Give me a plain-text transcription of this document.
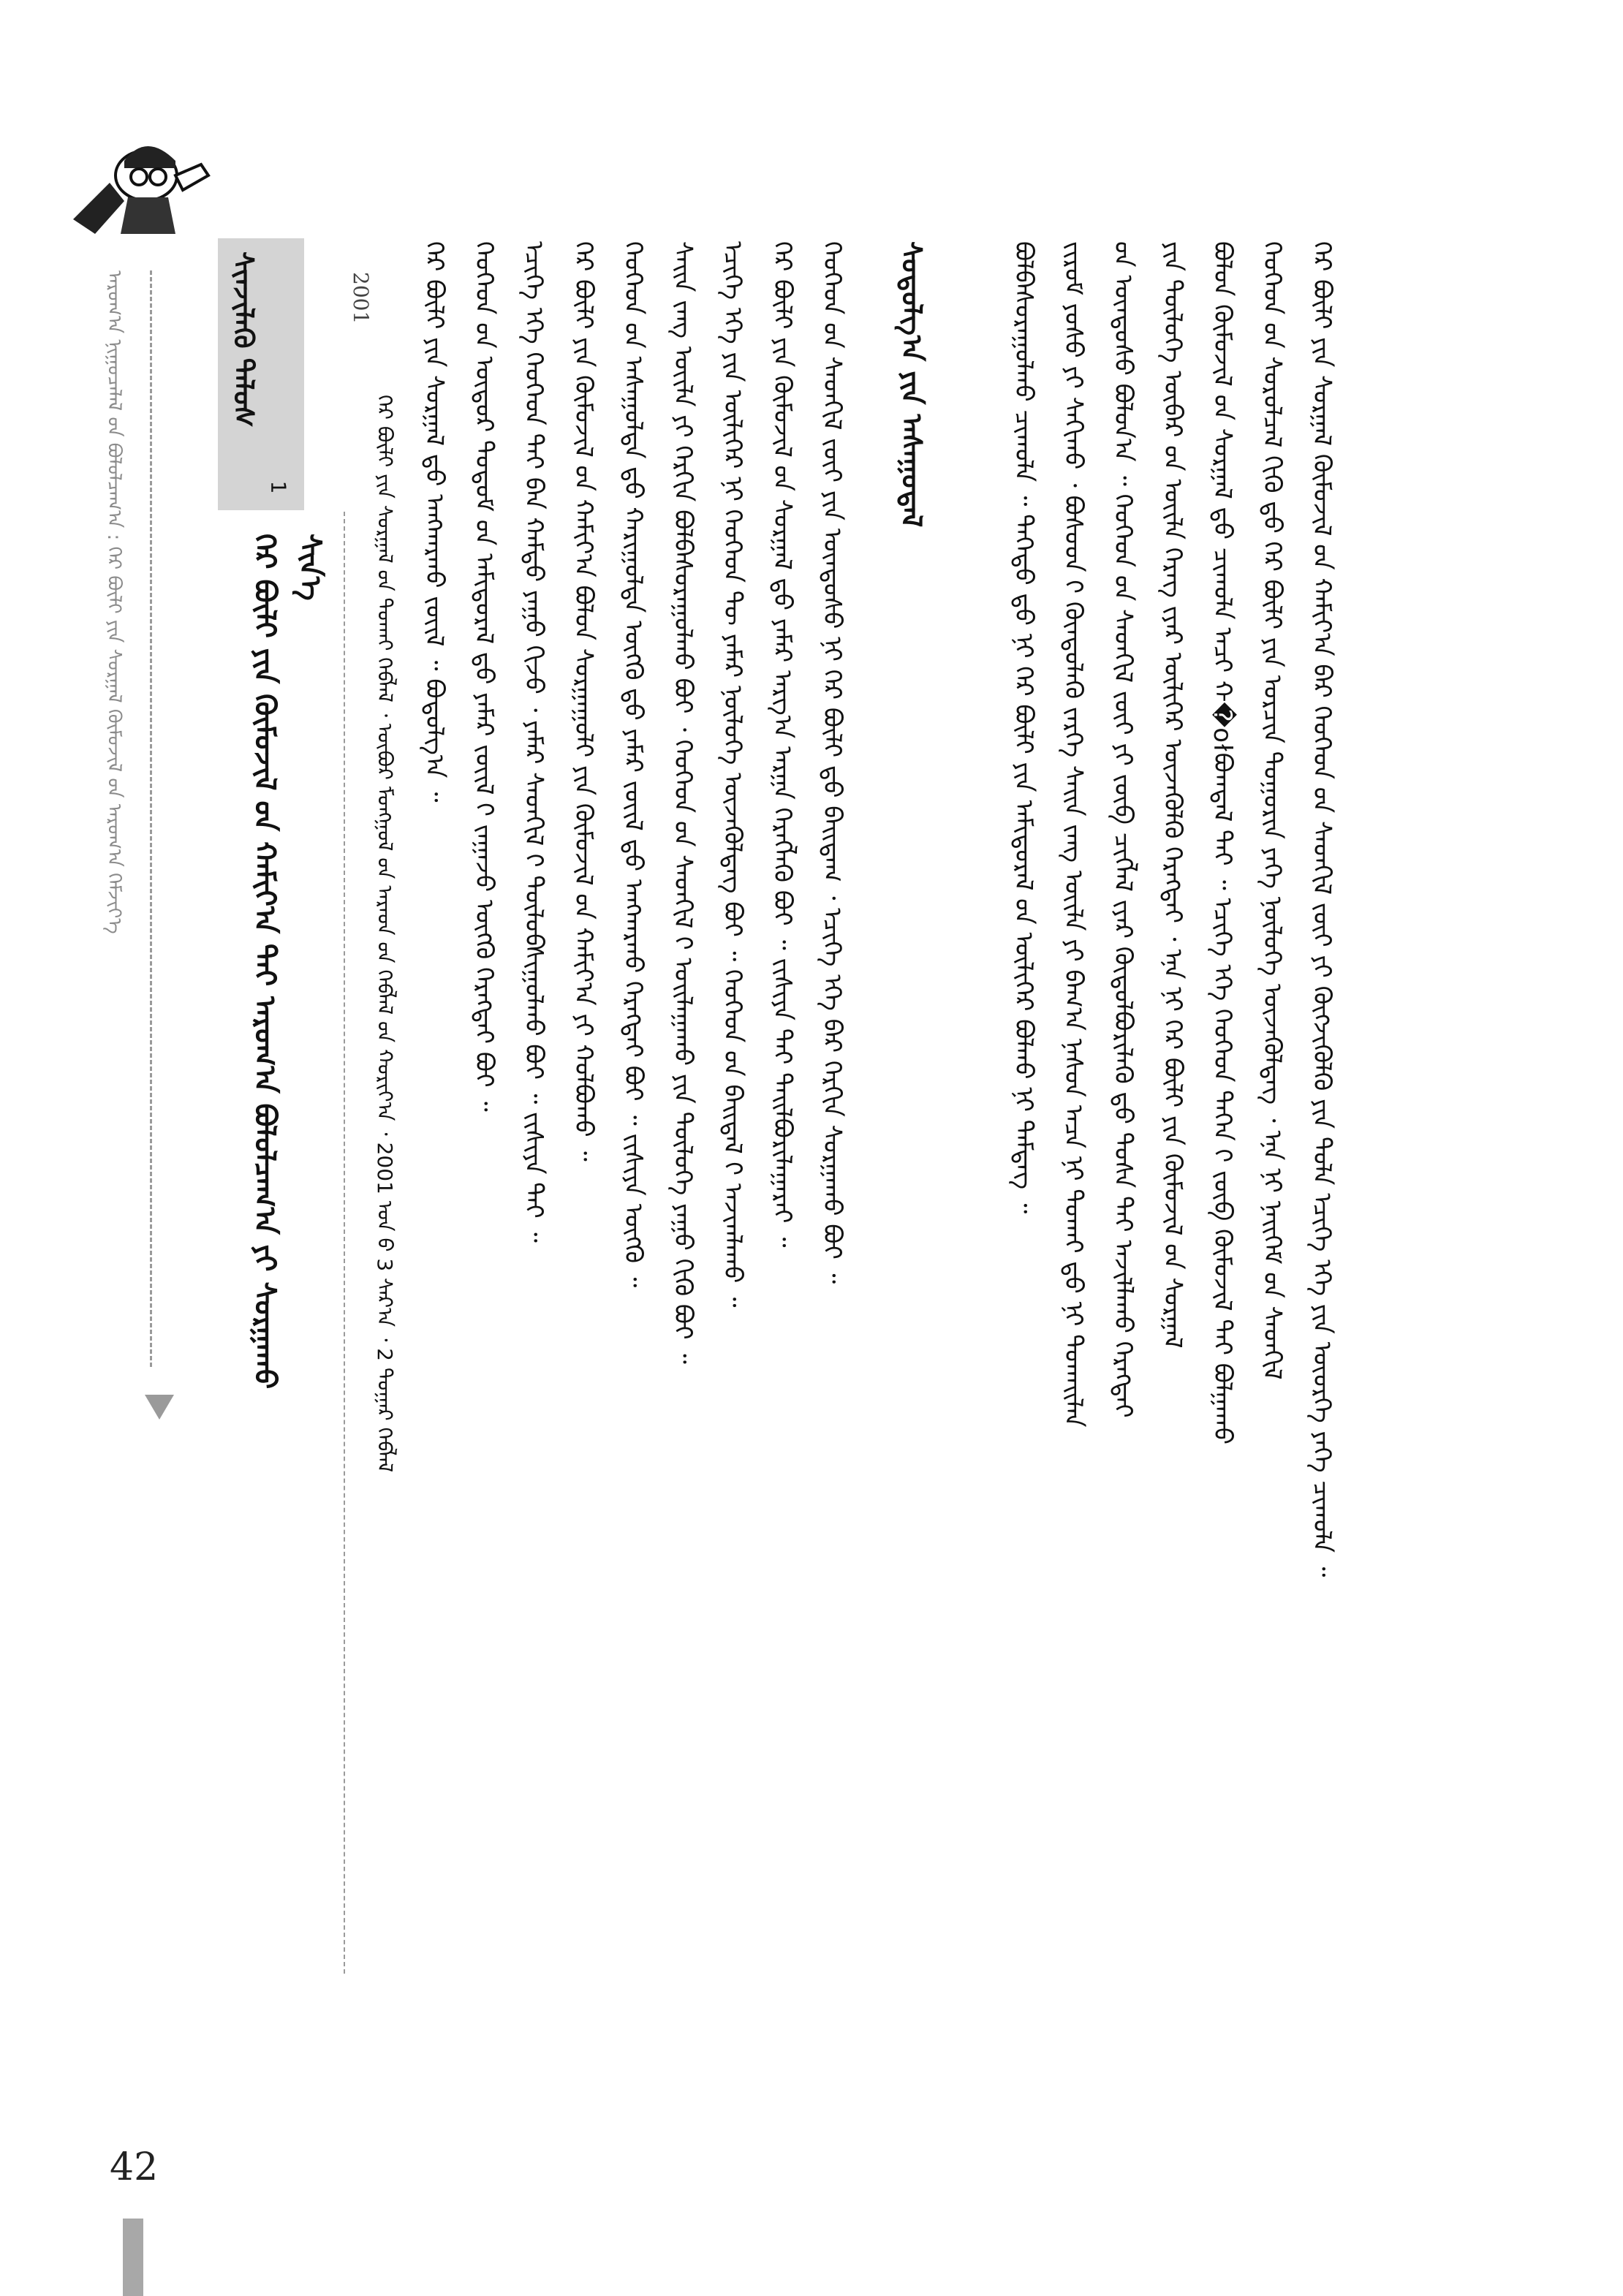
ᠠᠷᠤᠭ᠎ᠠ ᠨᠢᠭᠤᠴᠠᠯᠠᠯ ᠤ᠋ᠨ ᠪᠣᠯᠤᠯᠴᠠᠭ᠎ᠠ : ᠭᠡᠷ ᠪᠦᠯᠢ ᠶᠢᠨ ᠰᠤᠷᠭᠠᠯ ᠬᠦᠮᠦᠵᠢᠯ ᠦ᠋ᠨ ᠠᠷᠤᠭ᠎ᠠ ᠬᠡᠮᠵᠢᠶ᠎ᠡ	ᠰᠢᠨᠵᠢᠯᠡᠬᠦ ᠲᠡᠯᠦᠰ
1
ᠭᠡᠷ ᠪᠦᠯᠢ ᠶᠢᠨ ᠬᠦᠮᠦᠵᠢᠯ ᠦ᠋ᠨ ᠬᠠᠮᠢᠶ᠎ᠠ ᠲᠠᠢ ᠠᠷᠤᠭ᠎ᠠ ᠪᠣᠯᠤᠯᠴᠠᠭ᠎ᠠ ᠶᠢ ᠰᠤᠷᠭᠠᠬᠤ ᠰᠢᠨ᠎ᠡ
2001
ᠭᠡᠷ ᠪᠦᠯᠢ ᠶᠢᠨ ᠰᠤᠷᠭᠠᠯ ᠤ᠋ᠨ ᠲᠤᠬᠠᠢ ᠬᠡᠪᠯᠡᠯ ᠂ ᠥᠪᠥᠷ ᠮᠣᠩᠭᠣᠯ ᠤ᠋ᠨ ᠠᠷᠠᠳ ᠤ᠋ᠨ ᠬᠡᠪᠯᠡᠯ ᠦ᠋ᠨ ᠬᠣᠷᠢᠶ᠎ᠠ ᠂ 2001 ᠣᠨ ᠤ᠋ 3 ᠰᠠᠷ᠎ᠠ ᠂ 2 ᠳᠤᠭᠠᠷ ᠬᠡᠪᠯᠡᠯ ᠭᠡᠷ ᠪᠦᠯᠢ ᠶᠢᠨ ᠰᠤᠷᠭᠠᠯ ᠳ᠋ᠤ ᠠᠩᠬᠠᠷᠬᠤ ᠵᠦᠢᠯ ᠃ ᠪᠣᠳᠤᠯᠭ᠎ᠠ ᠃ ᠬᠡᠦᠬᠡᠳ ᠦ᠋ᠨ ᠥᠳᠦᠷ ᠲᠤᠲᠤᠮ ᠤ᠋ᠨ ᠠᠮᠢᠳᠤᠷᠠᠯ ᠳ᠋ᠤ ᠶᠠᠮᠠᠷ ᠵᠦᠢᠯ ᠢ᠋ ᠵᠠᠭᠠᠵᠤ ᠥᠭᠬᠦ ᠬᠡᠷᠡᠭᠲᠡᠢ ᠪᠤᠢ ᠃ ᠡᠴᠢᠭᠡ ᠡᠬᠡ ᠬᠡᠦᠬᠡᠳ ᠲᠡᠢ ᠪᠡᠨ ᠬᠠᠮᠲᠤ ᠶᠠᠭᠤ ᠬᠢᠵᠦ ᠂ ᠶᠠᠮᠠᠷ ᠰᠡᠳᠬᠢᠯ ᠢ᠋ ᠲᠥᠯᠦᠪᠰᠢᠭᠤᠯᠬᠤ ᠪᠤᠢ ᠃ ᠵᠢᠱᠢᠶᠡ ᠲᠠᠢ ᠃ ᠭᠡᠷ ᠪᠦᠯᠢ ᠶᠢᠨ ᠬᠦᠮᠦᠵᠢᠯ ᠦ᠋ᠨ ᠬᠠᠮᠢᠶ᠎ᠠ ᠪᠣᠯᠤᠨ ᠰᠤᠷᠭᠠᠭᠤᠯᠢ ᠶᠢᠨ ᠬᠦᠮᠦᠵᠢᠯ ᠦ᠋ᠨ ᠬᠠᠮᠢᠶ᠎ᠠ ᠶᠢ ᠬᠣᠯᠪᠣᠬᠤ ᠃ ᠬᠡᠦᠬᠡᠳ ᠦ᠋ᠨ ᠠᠰᠠᠭᠤᠯᠲᠠ ᠳ᠋ᠤ ᠬᠠᠷᠢᠭᠤᠯᠲᠠ ᠥᠭᠬᠦ ᠳ᠋ᠤ ᠶᠠᠮᠠᠷ ᠵᠦᠢᠯ ᠳ᠋ᠤ ᠠᠩᠬᠠᠷᠬᠤ ᠬᠡᠷᠡᠭᠲᠡᠢ ᠪᠤᠢ ᠃ ᠵᠢᠱᠢᠶᠡ ᠥᠭᠬᠦ ᠃ ᠰᠠᠢᠨ ᠵᠠᠩ ᠦᠢᠯᠡ ᠶᠢ ᠬᠡᠷᠬᠢᠨ ᠪᠣᠯᠪᠠᠰᠤᠷᠠᠭᠤᠯᠬᠤ ᠪᠤᠢ ᠂ ᠬᠡᠦᠬᠡᠳ ᠦ᠋ᠨ ᠰᠡᠳᠬᠢᠯ ᠢ᠋ ᠣᠢᠯᠠᠭᠠᠬᠤ ᠶᠢᠨ ᠲᠥᠯᠦᠭᠡ ᠶᠠᠭᠤ ᠬᠢᠬᠦ ᠪᠤᠢ ᠃ ᠡᠴᠢᠭᠡ ᠡᠬᠡ ᠶᠢᠨ ᠦᠯᠢᠭᠡᠷ ᠨᠢ ᠬᠡᠦᠬᠡᠳ ᠲᠦ ᠶᠠᠮᠠᠷ ᠨᠥᠯᠦᠭᠡ ᠦᠵᠡᠭᠦᠯᠳᠡᠭ ᠪᠤᠢ ᠃ ᠬᠡᠦᠬᠡᠳ ᠦ᠋ᠨ ᠪᠠᠢᠳᠠᠯ ᠢ᠋ ᠠᠵᠢᠭᠯᠠᠬᠤ ᠃ ᠭᠡᠷ ᠪᠦᠯᠢ ᠶᠢᠨ ᠬᠦᠮᠦᠵᠢᠯ ᠦ᠋ᠨ ᠰᠤᠷᠭᠠᠯ ᠳ᠋ᠤ ᠶᠠᠮᠠᠷ ᠠᠷᠭ᠎ᠠ ᠠᠷᠭᠠ ᠬᠡᠷᠡᠭᠯᠡᠬᠦ ᠪᠤᠢ ᠃ ᠵᠢᠱᠢᠶᠡ ᠲᠠᠢ ᠲᠠᠢᠯᠪᠤᠷᠢᠯᠠᠭᠠᠷᠠᠢ ᠃ ᠬᠡᠦᠬᠡᠳ ᠦ᠋ᠨ ᠰᠡᠳᠬᠢᠯ ᠵᠦᠢ ᠶᠢᠨ ᠦᠨᠳᠦᠰᠦ ᠨᠢ ᠭᠡᠷ ᠪᠦᠯᠢ ᠳ᠋ᠤ ᠪᠠᠢᠳᠠᠭ ᠂ ᠡᠴᠢᠭᠡ ᠡᠬᠡ ᠪᠡᠷ ᠬᠡᠷᠬᠢᠨ ᠰᠤᠷᠭᠠᠬᠤ ᠪᠤᠢ ᠃ ᠰᠤᠳᠤᠯᠭ᠎ᠠ ᠶᠢᠨ ᠠᠰᠠᠭᠤᠳᠠᠯ	ᠪᠣᠯᠪᠠᠰᠤᠷᠠᠭᠤᠯᠬᠤ ᠴᠢᠬᠤᠯᠠ ᠃ ᠳᠡᠭᠡᠳᠦ ᠳ᠋ᠤ ᠨᠢ ᠭᠡᠷ ᠪᠦᠯᠢ ᠶᠢᠨ ᠠᠮᠢᠳᠤᠷᠠᠯ ᠤ᠋ᠨ ᠦᠯᠢᠭᠡᠷ ᠪᠣᠯᠬᠤ ᠨᠢ ᠲᠡᠮᠳᠡᠭ ᠃ ᠵᠢᠷᠤᠮ ᠶᠣᠰᠣ ᠶᠢ ᠰᠠᠬᠢᠬᠤ ᠂ ᠪᠤᠰᠤᠳ ᠢ᠋ ᠬᠦᠨᠳᠦᠯᠡᠬᠦ ᠵᠡᠷᠭᠡ ᠰᠠᠢᠨ ᠵᠠᠩ ᠦᠢᠯᠡ ᠶᠢ ᠪᠠᠭ᠎ᠠ ᠨᠠᠰᠤᠨ ᠠᠴᠠ ᠨᠢ ᠲᠤᠬᠠᠢ ᠳ᠋ᠤ ᠨᠢ ᠲᠤᠬᠠᠢᠯᠠᠨ ᠤ᠋ᠨ ᠦᠨᠳᠦᠰᠦ ᠪᠣᠯᠤᠨ᠎ᠠ ᠃ ᠬᠡᠦᠬᠡᠳ ᠦ᠋ᠨ ᠰᠡᠳᠬᠢᠯ ᠵᠦᠢ ᠶᠢ ᠵᠥᠪ ᠴᠢᠭᠯᠡᠯ ᠢ᠋ᠶᠡᠷ ᠬᠥᠲᠦᠯᠪᠦᠷᠢᠯᠡᠬᠦ ᠳ᠋ᠤ ᠲᠤᠰᠠ ᠲᠠᠢ ᠠᠵᠢᠯᠯᠠᠬᠤ ᠬᠡᠷᠡᠭᠲᠡᠢ ᠶᠢᠨ ᠲᠥᠯᠦᠭᠡ ᠥᠪᠡᠷ ᠦ᠋ᠨ ᠦᠢᠯᠡ ᠬᠡᠷᠡᠭ ᠢ᠋ᠶᠡᠷ ᠦᠯᠢᠭᠡᠷ ᠦᠵᠡᠭᠦᠯᠬᠦ ᠬᠡᠷᠡᠭᠲᠡᠢ ᠂ ᠡᠨᠡ ᠨᠢ ᠭᠡᠷ ᠪᠦᠯᠢ ᠶᠢᠨ ᠬᠦᠮᠦᠵᠢᠯ ᠦ᠋ᠨ ᠰᠤᠷᠭᠠᠯ ᠪᠣᠯᠤᠨ ᠬᠦᠮᠦᠵᠢᠯ ᠦ᠋ᠨ ᠰᠤᠷᠭᠠᠯ ᠳ᠋ᠤ ᠴᠢᠬᠤᠯᠠ ᠠᠴᠢ ᠬ�ołᠪᠣᠭᠳᠠᠯ ᠲᠠᠢ ᠃ ᠡᠴᠢᠭᠡ ᠡᠬᠡ ᠬᠡᠦᠬᠡᠳ ᠲᠡᠭᠡᠨ ᠢ᠋ ᠵᠥᠪ ᠬᠦᠮᠦᠵᠢᠯ ᠲᠡᠢ ᠪᠣᠯᠭᠠᠬᠤ ᠬᠡᠦᠬᠡᠳ ᠦ᠋ᠨ ᠰᠤᠷᠤᠯᠴᠠᠯ ᠬᠢᠬᠦ ᠳ᠋ᠤ ᠭᠡᠷ ᠪᠦᠯᠢ ᠶᠢᠨ ᠣᠷᠴᠢᠨ ᠲᠣᠭᠣᠷᠢᠨ ᠶᠡᠬᠡ ᠨᠥᠯᠦᠭᠡ ᠦᠵᠡᠭᠦᠯᠳᠡᠭ ᠂ ᠡᠨᠡ ᠨᠢ ᠨᠡᠢᠭᠡᠮ ᠦ᠋ᠨ ᠰᠡᠳᠬᠢᠯ ᠭᠡᠷ ᠪᠦᠯᠢ ᠶᠢᠨ ᠰᠤᠷᠭᠠᠯ ᠬᠦᠮᠦᠵᠢᠯ ᠦ᠋ᠨ ᠬᠠᠮᠢᠶ᠎ᠠ ᠪᠠᠷ ᠬᠡᠦᠬᠡᠳ ᠦ᠋ᠨ ᠰᠡᠳᠬᠢᠯ ᠵᠦᠢ ᠶᠢ ᠬᠥᠭᠵᠢᠭᠦᠯᠬᠦ ᠶᠢᠨ ᠲᠤᠯᠠ ᠡᠴᠢᠭᠡ ᠡᠬᠡ ᠶᠢᠨ ᠦᠦᠷᠭᠡ ᠶᠡᠬᠡ ᠴᠢᠬᠤᠯᠠ ᠃
42
